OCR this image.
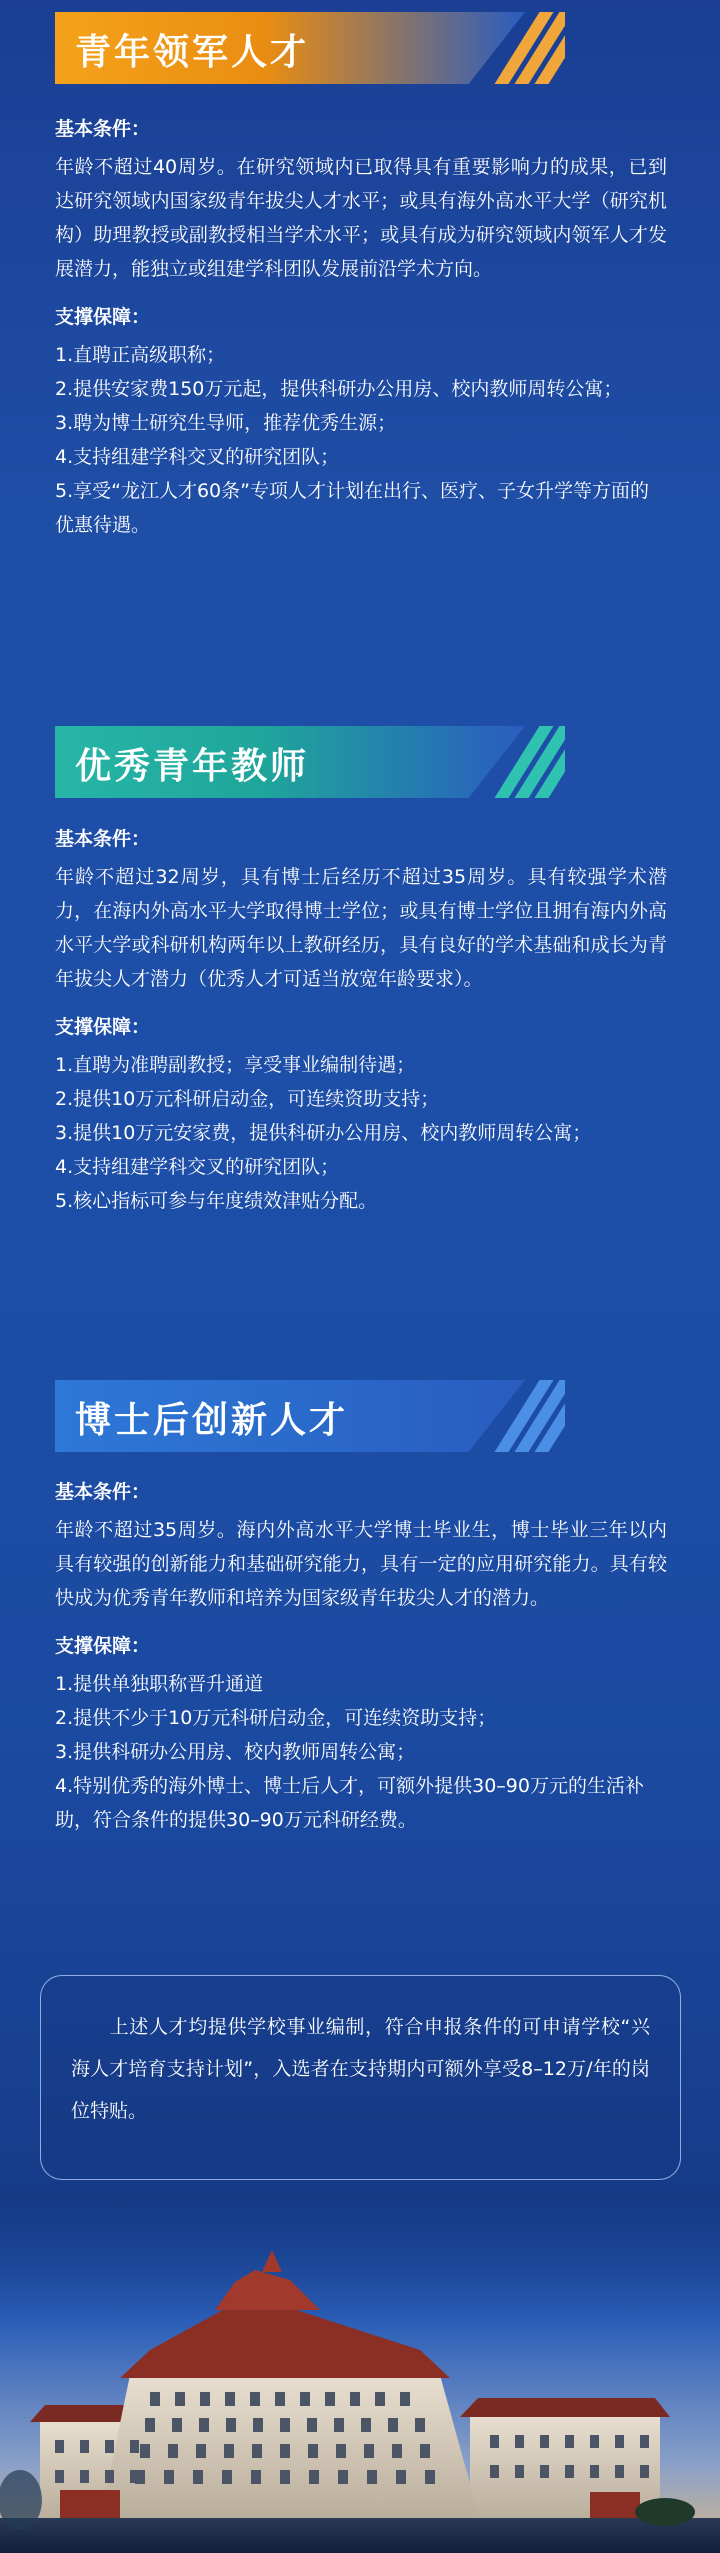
青年领军人才
基本条件：

年龄不超过40周岁。在研究领域内已取得具有重要影响力的成果，已到达研究领域内国家级青年拔尖人才水平；或具有海外高水平大学（研究机构）助理教授或副教授相当学术水平；或具有成为研究领域内领军人才发展潜力，能独立或组建学科团队发展前沿学术方向。

支撑保障：
1.直聘正高级职称；
2.提供安家费150万元起，提供科研办公用房、校内教师周转公寓；
3.聘为博士研究生导师，推荐优秀生源；
4.支持组建学科交叉的研究团队；
5.享受“龙江人才60条”专项人才计划在出行、医疗、子女升学等方面的优惠待遇。
优秀青年教师
基本条件：

年龄不超过32周岁，具有博士后经历不超过35周岁。具有较强学术潜力，在海内外高水平大学取得博士学位；或具有博士学位且拥有海内外高水平大学或科研机构两年以上教研经历，具有良好的学术基础和成长为青年拔尖人才潜力（优秀人才可适当放宽年龄要求）。

支撑保障：
1.直聘为准聘副教授；享受事业编制待遇；
2.提供10万元科研启动金，可连续资助支持；
3.提供10万元安家费，提供科研办公用房、校内教师周转公寓；
4.支持组建学科交叉的研究团队；
5.核心指标可参与年度绩效津贴分配。
博士后创新人才
基本条件：

年龄不超过35周岁。海内外高水平大学博士毕业生，博士毕业三年以内具有较强的创新能力和基础研究能力，具有一定的应用研究能力。具有较快成为优秀青年教师和培养为国家级青年拔尖人才的潜力。

支撑保障：
1.提供单独职称晋升通道
2.提供不少于10万元科研启动金，可连续资助支持；
3.提供科研办公用房、校内教师周转公寓；
4.特别优秀的海外博士、博士后人才，可额外提供30–90万元的生活补助，符合条件的提供30–90万元科研经费。
上述人才均提供学校事业编制，符合申报条件的可申请学校“兴海人才培育支持计划”，入选者在支持期内可额外享受8–12万/年的岗位特贴。
